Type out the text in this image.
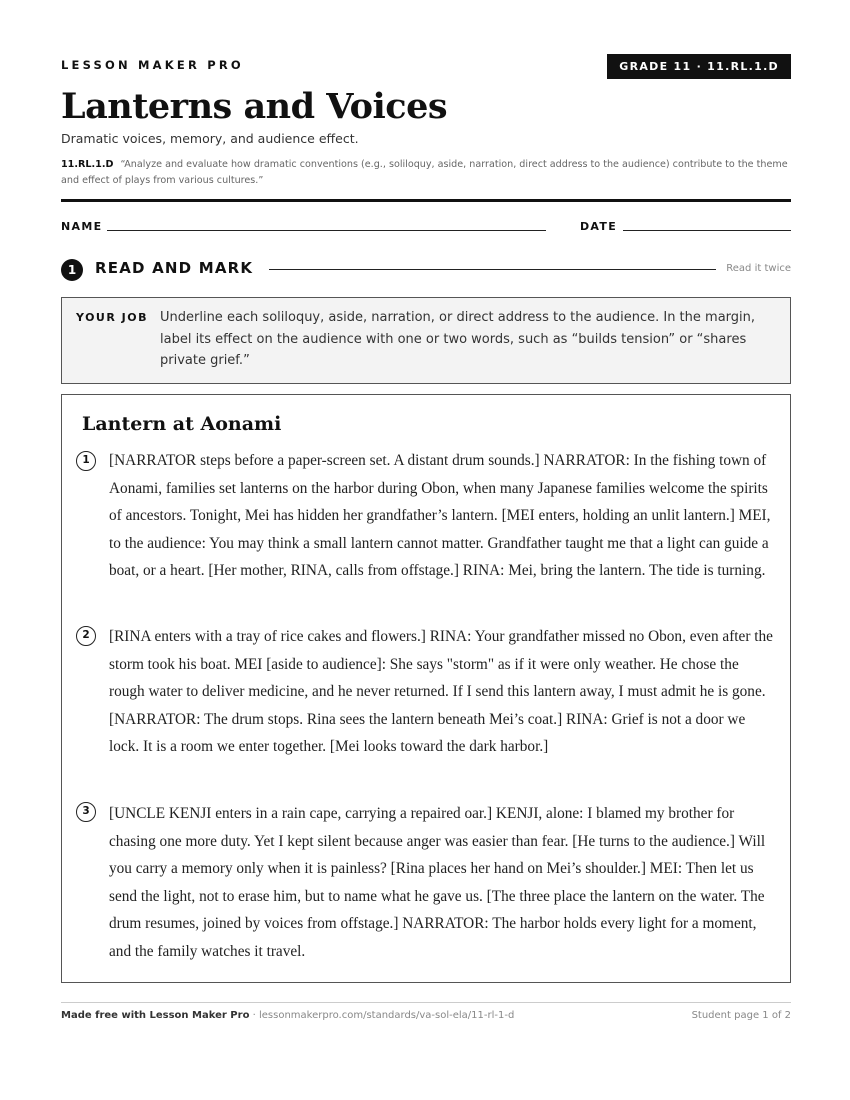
LESSON MAKER PRO	GRADE 11 · 11.RL.1.D
Lanterns and Voices
Dramatic voices, memory, and audience effect.
11.RL.1.D “Analyze and evaluate how dramatic conventions (e.g., soliloquy, aside, narration, direct address to the audience) contribute to the theme and effect of plays from various cultures.”
NAME	DATE
1	READ AND MARK	Read it twice
YOUR JOB Underline each soliloquy, aside, narration, or direct address to the audience. In the margin, label its effect on the audience with one or two words, such as “builds tension” or “shares private grief.”
Lantern at Aonami
1	[NARRATOR steps before a paper-screen set. A distant drum sounds.] NARRATOR: In the fishing town of Aonami, families set lanterns on the harbor during Obon, when many Japanese families welcome the spirits of ancestors. Tonight, Mei has hidden her grandfather’s lantern. [MEI enters, holding an unlit lantern.] MEI, to the audience: You may think a small lantern cannot matter. Grandfather taught me that a light can guide a boat, or a heart. [Her mother, RINA, calls from offstage.] RINA: Mei, bring the lantern. The tide is turning.
2	[RINA enters with a tray of rice cakes and flowers.] RINA: Your grandfather missed no Obon, even after the storm took his boat. MEI [aside to audience]: She says "storm" as if it were only weather. He chose the rough water to deliver medicine, and he never returned. If I send this lantern away, I must admit he is gone. [NARRATOR: The drum stops. Rina sees the lantern beneath Mei’s coat.] RINA: Grief is not a door we lock. It is a room we enter together. [Mei looks toward the dark harbor.]
3	[UNCLE KENJI enters in a rain cape, carrying a repaired oar.] KENJI, alone: I blamed my brother for chasing one more duty. Yet I kept silent because anger was easier than fear. [He turns to the audience.] Will you carry a memory only when it is painless? [Rina places her hand on Mei’s shoulder.] MEI: Then let us send the light, not to erase him, but to name what he gave us. [The three place the lantern on the water. The drum resumes, joined by voices from offstage.] NARRATOR: The harbor holds every light for a moment, and the family watches it travel.
Made free with Lesson Maker Pro · lessonmakerpro.com/standards/va-sol-ela/11-rl-1-d	Student page 1 of 2
